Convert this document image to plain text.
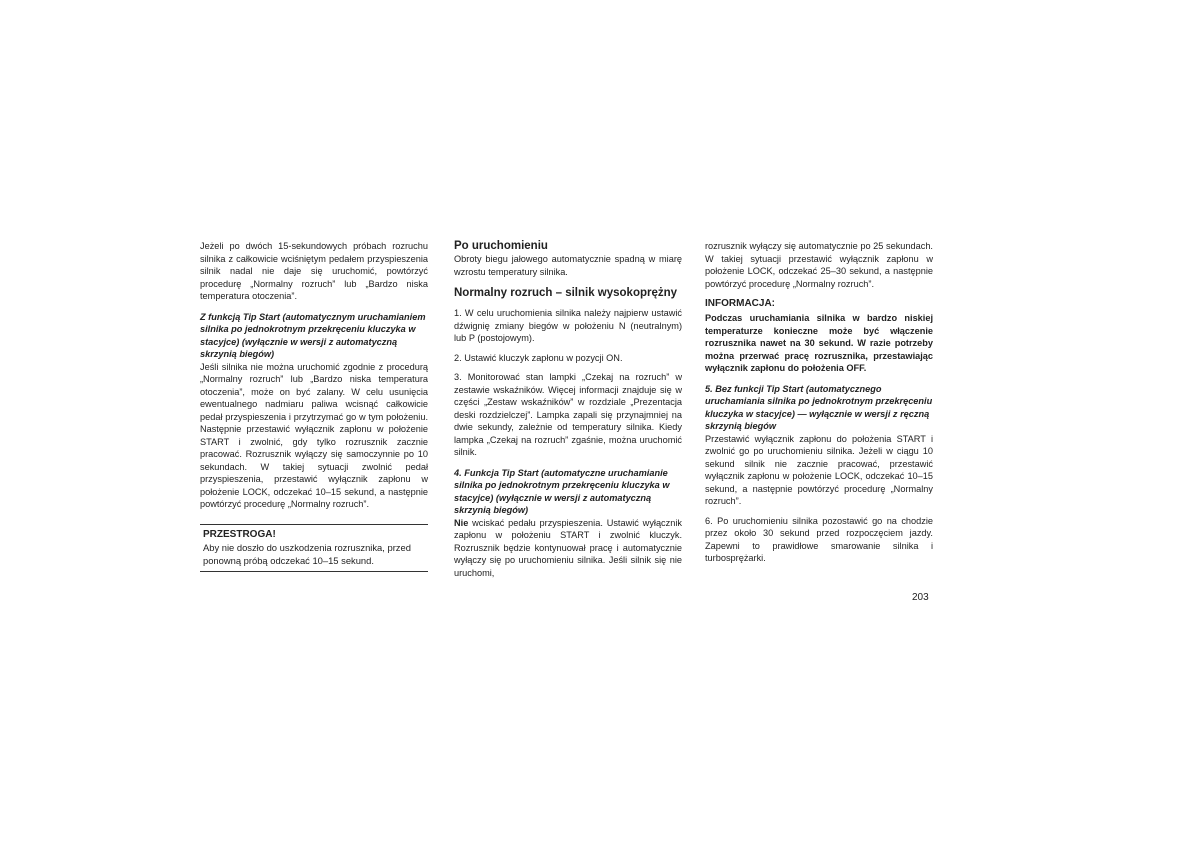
Jeżeli po dwóch 15-sekundowych próbach rozruchu silnika z całkowicie wciśniętym pedałem przyspieszenia silnik nadal nie daje się uruchomić, powtórzyć procedurę „Normalny rozruch” lub „Bardzo niska temperatura otoczenia”.

Z funkcją Tip Start (automatycznym uruchamianiem silnika po jednokrotnym przekręceniu kluczyka w stacyjce) (wyłącznie w wersji z automatyczną skrzynią biegów)

Jeśli silnika nie można uruchomić zgodnie z procedurą „Normalny rozruch” lub „Bardzo niska temperatura otoczenia”, może on być zalany. W celu usunięcia ewentualnego nadmiaru paliwa wcisnąć całkowicie pedał przyspieszenia i przytrzymać go w tym położeniu. Następnie przestawić wyłącznik zapłonu w położenie START i zwolnić, gdy tylko rozrusznik zacznie pracować. Rozrusznik wyłączy się samoczynnie po 10 sekundach. W takiej sytuacji zwolnić pedał przyspieszenia, przestawić wyłącznik zapłonu w położenie LOCK, odczekać 10–15 sekund, a następnie powtórzyć procedurę „Normalny rozruch”.

PRZESTROGA!
Aby nie doszło do uszkodzenia rozrusznika, przed ponowną próbą odczekać 10–15 sekund.
Po uruchomieniu

Obroty biegu jałowego automatycznie spadną w miarę wzrostu temperatury silnika.

Normalny rozruch – silnik wysokoprężny

1. W celu uruchomienia silnika należy najpierw ustawić dźwignię zmiany biegów w położeniu N (neutralnym) lub P (postojowym).

2. Ustawić kluczyk zapłonu w pozycji ON.

3. Monitorować stan lampki „Czekaj na rozruch” w zestawie wskaźników. Więcej informacji znajduje się w części „Zestaw wskaźników” w rozdziale „Prezentacja deski rozdzielczej”. Lampka zapali się przynajmniej na dwie sekundy, zależnie od temperatury silnika. Kiedy lampka „Czekaj na rozruch” zgaśnie, można uruchomić silnik.

4. Funkcja Tip Start (automatyczne uruchamianie silnika po jednokrotnym przekręceniu kluczyka w stacyjce) (wyłącznie w wersji z automatyczną skrzynią biegów)

Nie wciskać pedału przyspieszenia. Ustawić wyłącznik zapłonu w położeniu START i zwolnić kluczyk. Rozrusznik będzie kontynuował pracę i automatycznie wyłączy się po uruchomieniu silnika. Jeśli silnik się nie uruchomi,

rozrusznik wyłączy się automatycznie po 25 sekundach. W takiej sytuacji przestawić wyłącznik zapłonu w położenie LOCK, odczekać 25–30 sekund, a następnie powtórzyć procedurę „Normalny rozruch”.

INFORMACJA:

Podczas uruchamiania silnika w bardzo niskiej temperaturze konieczne może być włączenie rozrusznika nawet na 30 sekund. W razie potrzeby można przerwać pracę rozrusznika, przestawiając wyłącznik zapłonu do położenia OFF.

5. Bez funkcji Tip Start (automatycznego uruchamiania silnika po jednokrotnym przekręceniu kluczyka w stacyjce) — wyłącznie w wersji z ręczną skrzynią biegów

Przestawić wyłącznik zapłonu do położenia START i zwolnić go po uruchomieniu silnika. Jeżeli w ciągu 10 sekund silnik nie zacznie pracować, przestawić wyłącznik zapłonu w położenie LOCK, odczekać 10–15 sekund, a następnie powtórzyć procedurę „Normalny rozruch”.

6. Po uruchomieniu silnika pozostawić go na chodzie przez około 30 sekund przed rozpoczęciem jazdy. Zapewni to prawidłowe smarowanie silnika i turbosprężarki.

203
